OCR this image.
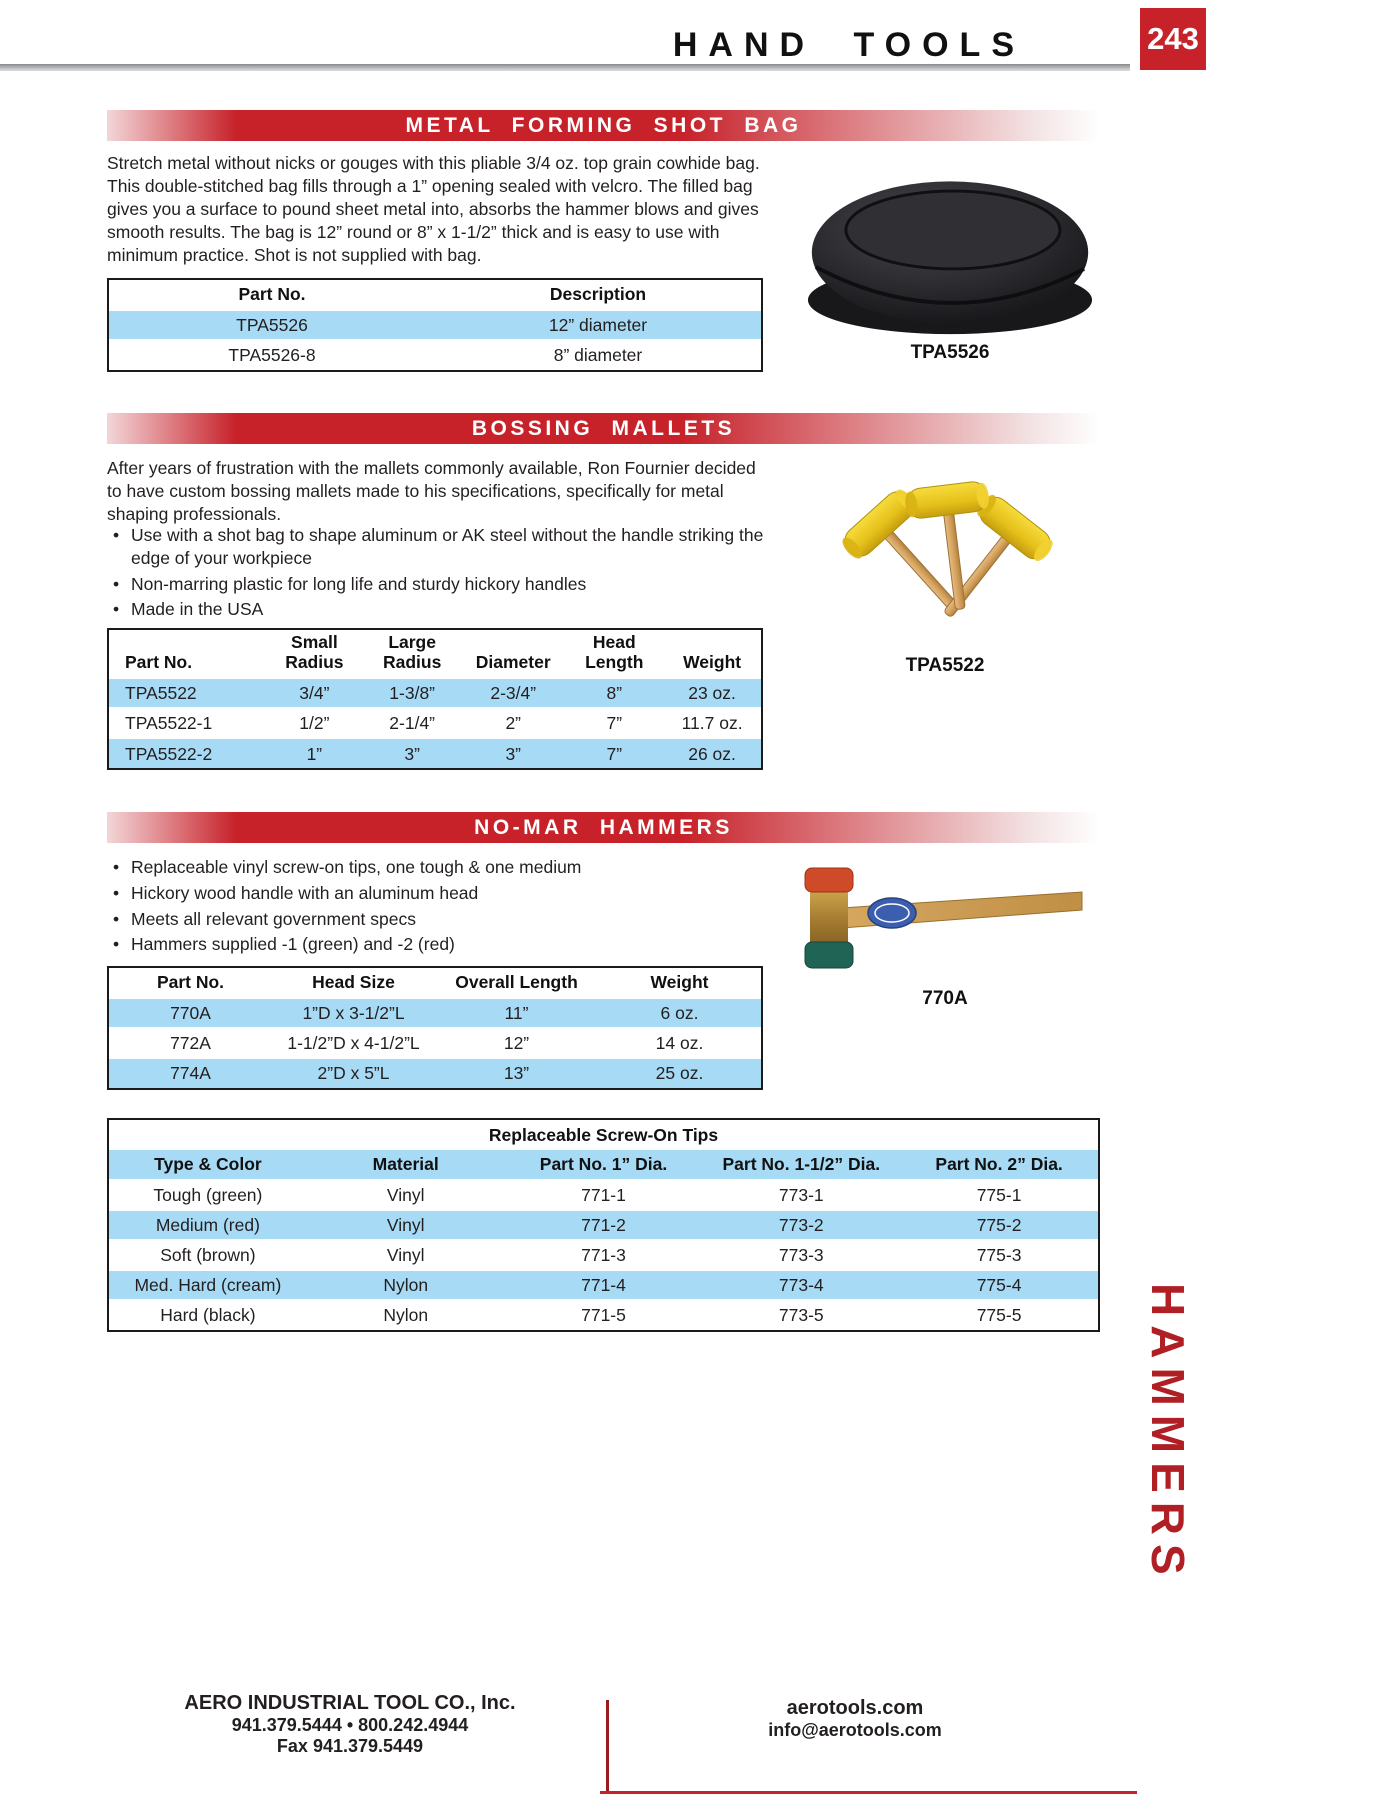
HAND TOOLS	243
HAMMERS
METAL FORMING SHOT BAG

Stretch metal without nicks or gouges with this pliable 3/4 oz. top grain cowhide bag. This double-stitched bag fills through a 1” opening sealed with velcro. The filled bag gives you a surface to pound sheet metal into, absorbs the hammer blows and gives smooth results. The bag is 12” round or 8” x 1-1/2” thick and is easy to use with minimum practice. Shot is not supplied with bag.

Part No.	Description
TPA5526	12” diameter
TPA5526-8	8” diameter	TPA5526
BOSSING MALLETS

After years of frustration with the mallets commonly available, Ron Fournier decided to have custom bossing mallets made to his specifications, specifically for metal shaping professionals.

• Use with a shot bag to shape aluminum or AK steel without the handle striking the edge of your workpiece
• Non-marring plastic for long life and sturdy hickory handles
• Made in the USA
Part No.	Small Radius	Large Radius	Diameter	Head Length	Weight
TPA5522	3/4”	1-3/8”	2-3/4”	8”	23 oz.
TPA5522-1	1/2”	2-1/4”	2”	7”	11.7 oz.
TPA5522-2	1”	3”	3”	7”	26 oz.
TPA5522
NO-MAR HAMMERS
• Replaceable vinyl screw-on tips, one tough & one medium
• Hickory wood handle with an aluminum head
• Meets all relevant government specs
• Hammers supplied -1 (green) and -2 (red)
Part No.	Head Size	Overall Length	Weight
770A	1”D x 3-1/2”L	11”	6 oz.
772A	1-1/2”D x 4-1/2”L	12”	14 oz.
774A	2”D x 5”L	13”	25 oz.
770A
Replaceable Screw-On Tips
Type & Color	Material	Part No. 1” Dia.	Part No. 1-1/2” Dia.	Part No. 2” Dia.
Tough (green)	Vinyl	771-1	773-1	775-1
Medium (red)	Vinyl	771-2	773-2	775-2
Soft (brown)	Vinyl	771-3	773-3	775-3
Med. Hard (cream)	Nylon	771-4	773-4	775-4
Hard (black)	Nylon	771-5	773-5	775-5
AERO INDUSTRIAL TOOL CO., Inc.
941.379.5444 • 800.242.4944
Fax 941.379.5449
aerotools.com
info@aerotools.com
